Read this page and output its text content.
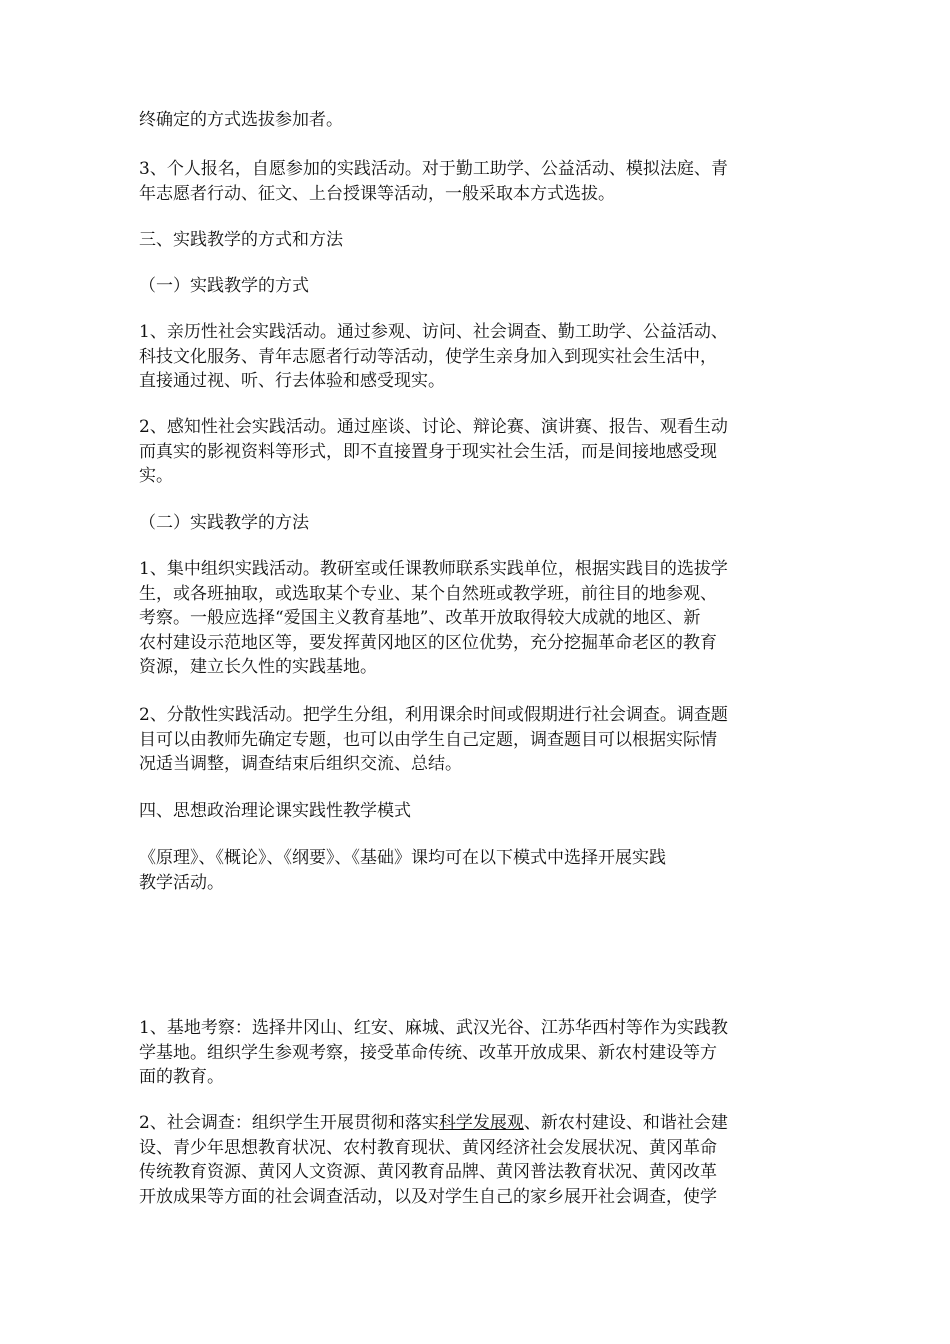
终确定的方式选拔参加者。
3、个人报名，自愿参加的实践活动。对于勤工助学、公益活动、模拟法庭、青
年志愿者行动、征文、上台授课等活动，一般采取本方式选拔。
三、实践教学的方式和方法
（一）实践教学的方式
1、亲历性社会实践活动。通过参观、访问、社会调查、勤工助学、公益活动、
科技文化服务、青年志愿者行动等活动，使学生亲身加入到现实社会生活中，
直接通过视、听、行去体验和感受现实。
2、感知性社会实践活动。通过座谈、讨论、辩论赛、演讲赛、报告、观看生动
而真实的影视资料等形式，即不直接置身于现实社会生活，而是间接地感受现
实。
（二）实践教学的方法
1、集中组织实践活动。教研室或任课教师联系实践单位，根据实践目的选拔学
生，或各班抽取，或选取某个专业、某个自然班或教学班，前往目的地参观、
考察。一般应选择“爱国主义教育基地”、改革开放取得较大成就的地区、新
农村建设示范地区等，要发挥黄冈地区的区位优势，充分挖掘革命老区的教育
资源，建立长久性的实践基地。
2、分散性实践活动。把学生分组，利用课余时间或假期进行社会调查。调查题
目可以由教师先确定专题，也可以由学生自己定题，调查题目可以根据实际情
况适当调整，调查结束后组织交流、总结。
四、思想政治理论课实践性教学模式
《原理》、《概论》、《纲要》、《基础》课均可在以下模式中选择开展实践
教学活动。
1、基地考察：选择井冈山、红安、麻城、武汉光谷、江苏华西村等作为实践教
学基地。组织学生参观考察，接受革命传统、改革开放成果、新农村建设等方
面的教育。
2、社会调查：组织学生开展贯彻和落实科学发展观、新农村建设、和谐社会建
设、青少年思想教育状况、农村教育现状、黄冈经济社会发展状况、黄冈革命
传统教育资源、黄冈人文资源、黄冈教育品牌、黄冈普法教育状况、黄冈改革
开放成果等方面的社会调查活动，以及对学生自己的家乡展开社会调查，使学
